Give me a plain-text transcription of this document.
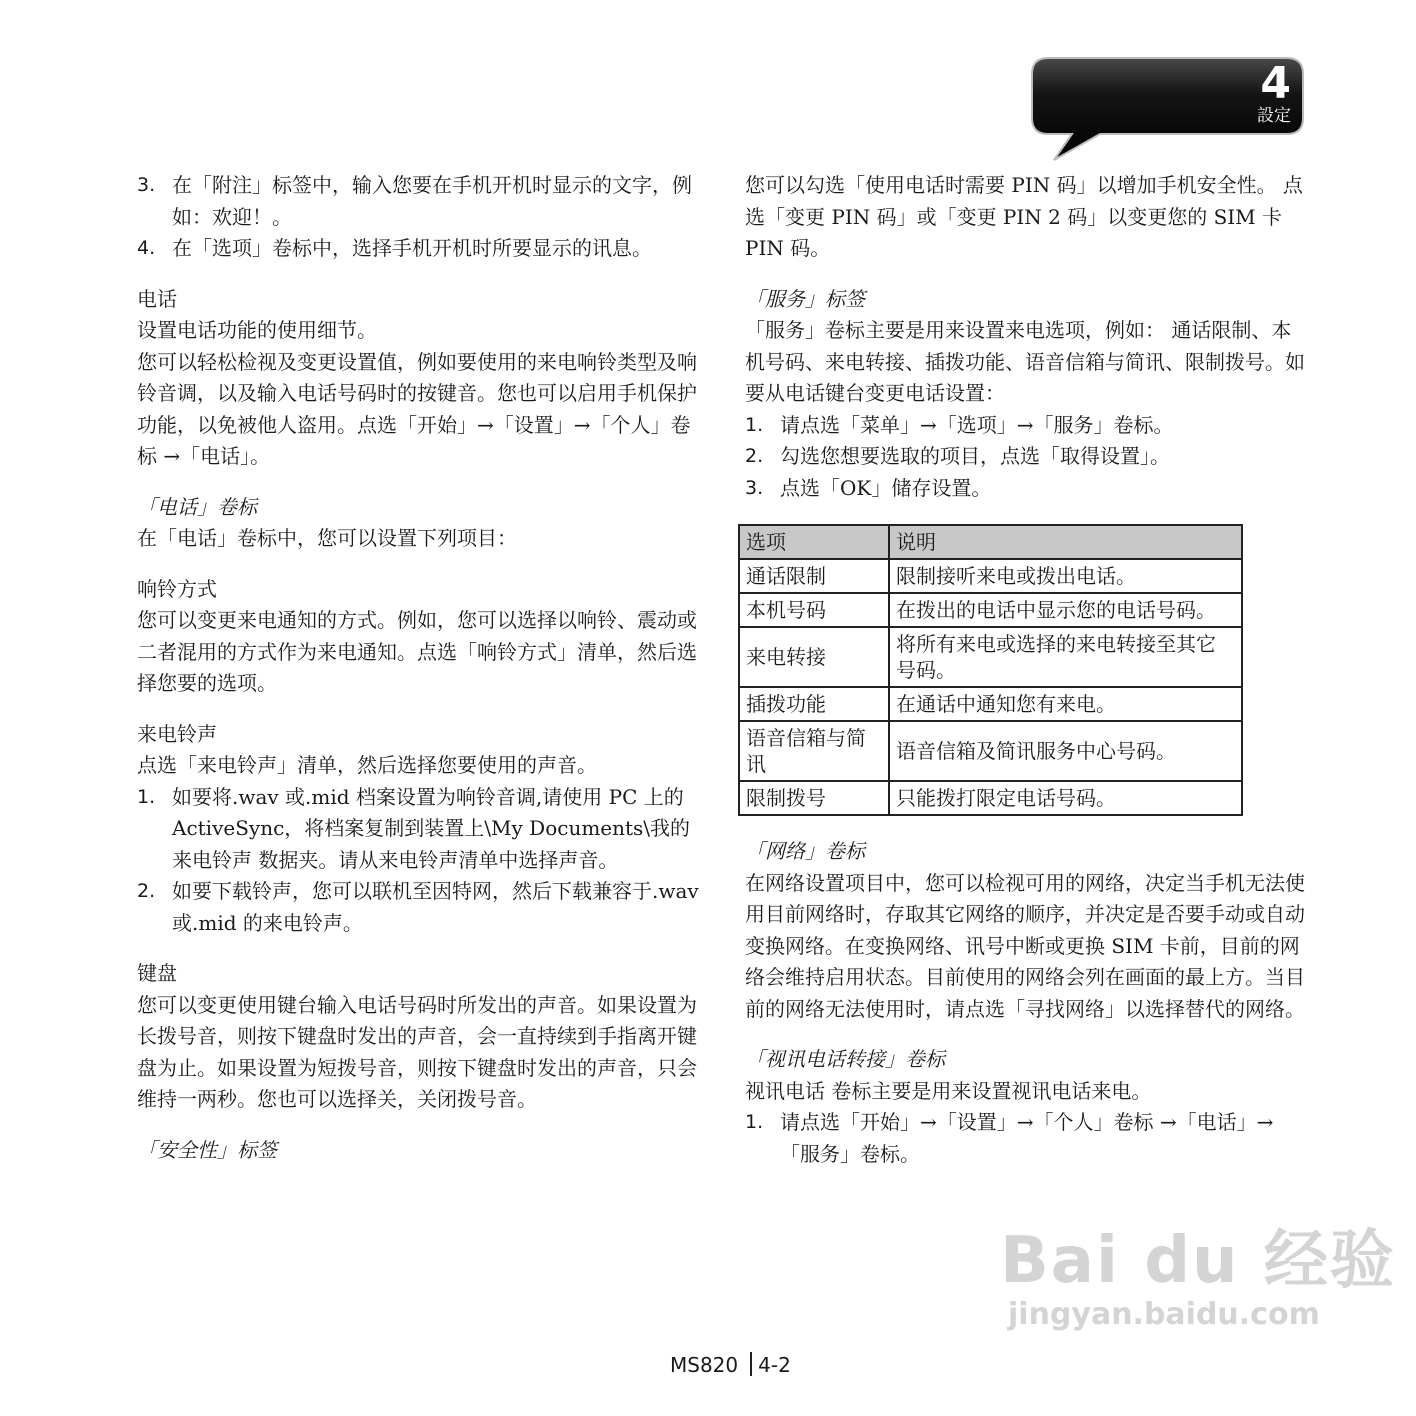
4
設定
3. 在「附注」标签中，输入您要在手机开机时显示的文字，例如：欢迎！。
4. 在「选项」卷标中，选择手机开机时所要显示的讯息。

电话

设置电话功能的使用细节。

您可以轻松检视及变更设置值，例如要使用的来电响铃类型及响铃音调，以及输入电话号码时的按键音。您也可以启用手机保护功能，以免被他人盗用。点选「开始」→「设置」→「个人」卷标 →「电话」。

「电话」卷标

在「电话」卷标中，您可以设置下列项目：

响铃方式

您可以变更来电通知的方式。例如，您可以选择以响铃、震动或二者混用的方式作为来电通知。点选「响铃方式」清单，然后选择您要的选项。

来电铃声

点选「来电铃声」清单，然后选择您要使用的声音。

1. 如要将.wav 或.mid 档案设置为响铃音调,请使用 PC 上的 ActiveSync，将档案复制到装置上\My Documents\我的来电铃声 数据夹。请从来电铃声清单中选择声音。
2. 如要下载铃声，您可以联机至因特网，然后下载兼容于.wav 或.mid 的来电铃声。

键盘

您可以变更使用键台输入电话号码时所发出的声音。如果设置为长拨号音，则按下键盘时发出的声音，会一直持续到手指离开键盘为止。如果设置为短拨号音，则按下键盘时发出的声音，只会维持一两秒。您也可以选择关，关闭拨号音。

「安全性」标签

您可以勾选「使用电话时需要 PIN 码」以增加手机安全性。 点选「变更 PIN 码」或「变更 PIN 2 码」以变更您的 SIM 卡 PIN 码。

「服务」标签

「服务」卷标主要是用来设置来电选项，例如： 通话限制、本机号码、来电转接、插拨功能、语音信箱与简讯、限制拨号。如要从电话键台变更电话设置：

1. 请点选「菜单」→「选项」→「服务」卷标。
2. 勾选您想要选取的项目，点选「取得设置」。
3. 点选「OK」储存设置。
选项	说明
通话限制	限制接听来电或拨出电话。
本机号码	在拨出的电话中显示您的电话号码。
来电转接	将所有来电或选择的来电转接至其它号码。
插拨功能	在通话中通知您有来电。
语音信箱与简讯	语音信箱及简讯服务中心号码。
限制拨号	只能拨打限定电话号码。

「网络」卷标

在网络设置项目中，您可以检视可用的网络，决定当手机无法使用目前网络时，存取其它网络的顺序，并决定是否要手动或自动变换网络。在变换网络、讯号中断或更换 SIM 卡前，目前的网络会维持启用状态。目前使用的网络会列在画面的最上方。当目前的网络无法使用时，请点选「寻找网络」以选择替代的网络。

「视讯电话转接」卷标

视讯电话 卷标主要是用来设置视讯电话来电。

1. 请点选「开始」→「设置」→「个人」卷标 →「电话」→「服务」卷标。
Bai du 经验
jingyan.baidu.com
MS820 4-2
